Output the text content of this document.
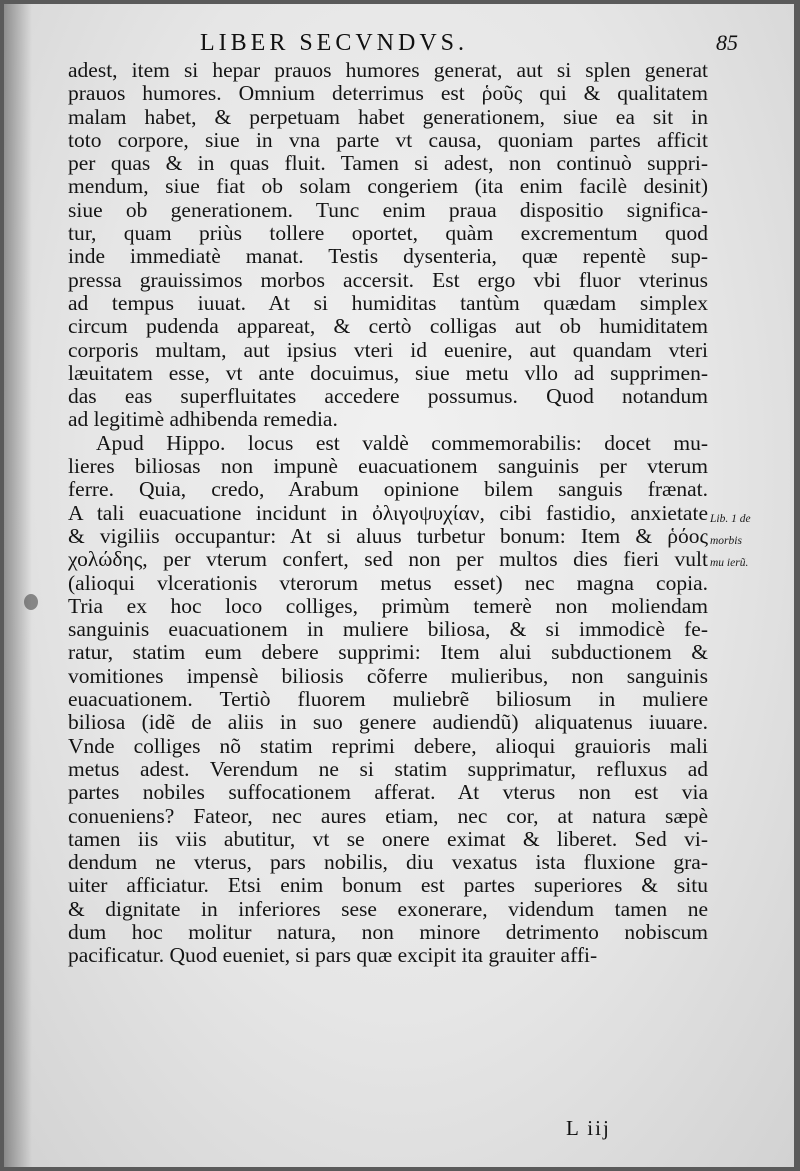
LIBER SECVNDVS.	85
adest, item si hepar prauos humores generat, aut si splen generat
prauos humores. Omnium deterrimus est ῥοῦς qui & qualitatem
malam habet, & perpetuam habet generationem, siue ea sit in
toto corpore, siue in vna parte vt causa, quoniam partes afficit
per quas & in quas fluit. Tamen si adest, non continuò suppri-
mendum, siue fiat ob solam congeriem (ita enim facilè desinit)
siue ob generationem. Tunc enim praua dispositio significa-
tur, quam priùs tollere oportet, quàm excrementum quod
inde immediatè manat. Testis dysenteria, quæ repentè sup-
pressa grauissimos morbos accersit. Est ergo vbi fluor vterinus
ad tempus iuuat. At si humiditas tantùm quædam simplex
circum pudenda appareat, & certò colligas aut ob humiditatem
corporis multam, aut ipsius vteri id euenire, aut quandam vteri
læuitatem esse, vt ante docuimus, siue metu vllo ad supprimen-
das eas superfluitates accedere possumus. Quod notandum
ad legitimè adhibenda remedia.
Apud Hippo. locus est valdè commemorabilis: docet mu-
lieres biliosas non impunè euacuationem sanguinis per vterum
ferre. Quia, credo, Arabum opinione bilem sanguis frænat.
A tali euacuatione incidunt in ὀλιγοψυχίαν, cibi fastidio, anxietate
& vigiliis occupantur: At si aluus turbetur bonum: Item & ῥόος
χολώδης, per vterum confert, sed non per multos dies fieri vult
(alioqui vlcerationis vterorum metus esset) nec magna copia.
Tria ex hoc loco colliges, primùm temerè non moliendam
sanguinis euacuationem in muliere biliosa, & si immodicè fe-
ratur, statim eum debere supprimi: Item alui subductionem &
vomitiones impensè biliosis cõferre mulieribus, non sanguinis
euacuationem. Tertiò fluorem muliebrẽ biliosum in muliere
biliosa (idẽ de aliis in suo genere audiendũ) aliquatenus iuuare.
Vnde colliges nõ statim reprimi debere, alioqui grauioris mali
metus adest. Verendum ne si statim supprimatur, refluxus ad
partes nobiles suffocationem afferat. At vterus non est via
conueniens? Fateor, nec aures etiam, nec cor, at natura sæpè
tamen iis viis abutitur, vt se onere eximat & liberet. Sed vi-
dendum ne vterus, pars nobilis, diu vexatus ista fluxione gra-
uiter afficiatur. Etsi enim bonum est partes superiores & situ
& dignitate in inferiores sese exonerare, videndum tamen ne
dum hoc molitur natura, non minore detrimento nobiscum
pacificatur. Quod eueniet, si pars quæ excipit ita grauiter affi-
Lib. 1 de
morbis
mu ierũ.
L iij
